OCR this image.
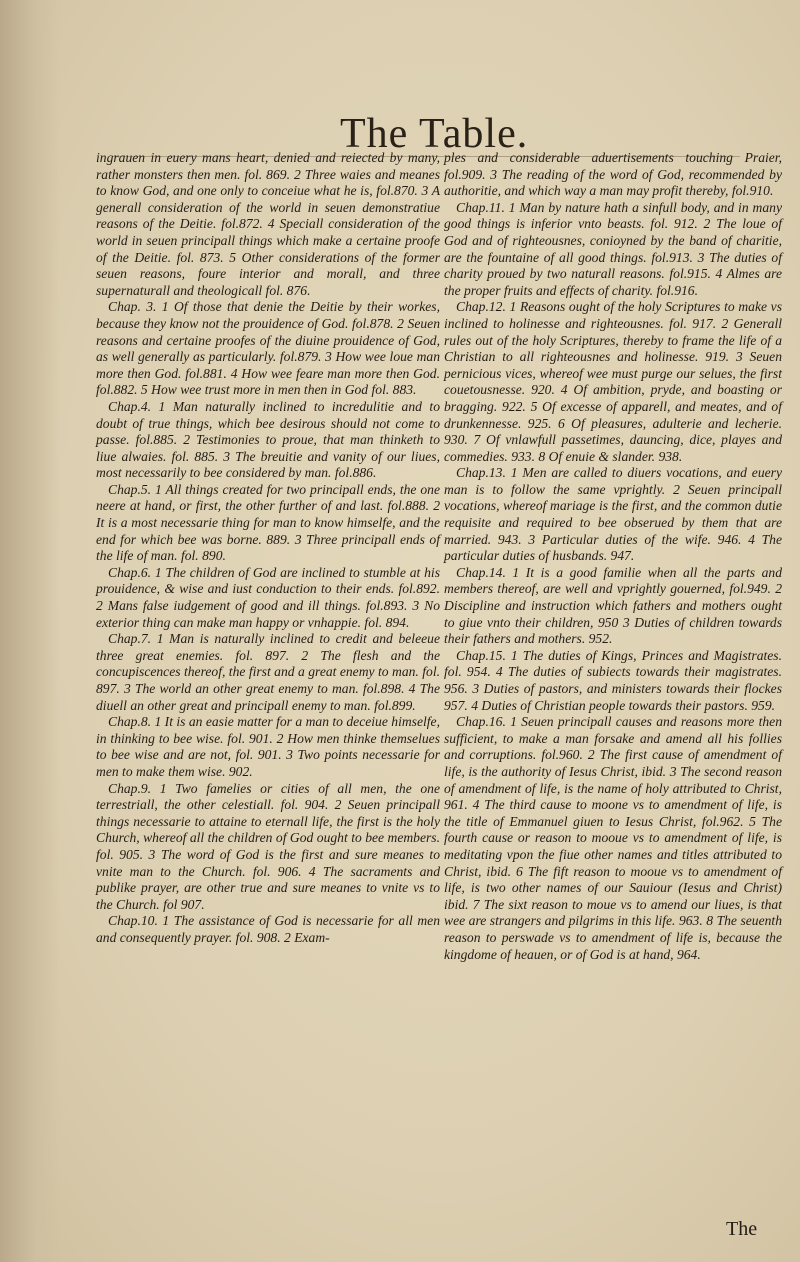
The Table.

ingrauen in euery mans heart, denied and reiected by many, rather monsters then men. fol. 869. 2 Three waies and meanes to know God, and one only to conceiue what he is, fol.870. 3 A generall consideration of the world in seuen demonstratiue reasons of the Deitie. fol.872. 4 Speciall consideration of the world in seuen principall things which make a certaine proofe of the Deitie. fol. 873. 5 Other considerations of the former seuen reasons, foure interior and morall, and three supernaturall and theologicall fol. 876.

Chap. 3. 1 Of those that denie the Deitie by their workes, because they know not the prouidence of God. fol.878. 2 Seuen reasons and certaine proofes of the diuine prouidence of God, as well generally as particularly. fol.879. 3 How wee loue man more then God. fol.881. 4 How wee feare man more then God. fol.882. 5 How wee trust more in men then in God fol. 883.

Chap.4. 1 Man naturally inclined to incredulitie and to doubt of true things, which bee desirous should not come to passe. fol.885. 2 Testimonies to proue, that man thinketh to liue alwaies. fol. 885. 3 The breuitie and vanity of our liues, most necessarily to bee considered by man. fol.886.

Chap.5. 1 All things created for two principall ends, the one neere at hand, or first, the other further of and last. fol.888. 2 It is a most necessarie thing for man to know himselfe, and the end for which bee was borne. 889. 3 Three principall ends of the life of man. fol. 890.

Chap.6. 1 The children of God are inclined to stumble at his prouidence, & wise and iust conduction to their ends. fol.892. 2 Mans false iudgement of good and ill things. fol.893. 3 No exterior thing can make man happy or vnhappie. fol. 894.

Chap.7. 1 Man is naturally inclined to credit and beleeue three great enemies. fol. 897. 2 The flesh and the concupiscences thereof, the first and a great enemy to man. fol. 897. 3 The world an other great enemy to man. fol.898. 4 The diuell an other great and principall enemy to man. fol.899.

Chap.8. 1 It is an easie matter for a man to deceiue himselfe, in thinking to bee wise. fol. 901. 2 How men thinke themselues to bee wise and are not, fol. 901. 3 Two points necessarie for men to make them wise. 902.

Chap.9. 1 Two famelies or cities of all men, the one terrestriall, the other celestiall. fol. 904. 2 Seuen principall things necessarie to attaine to eternall life, the first is the holy Church, whereof all the children of God ought to bee members. fol. 905. 3 The word of God is the first and sure meanes to vnite man to the Church. fol. 906. 4 The sacraments and publike prayer, are other true and sure meanes to vnite vs to the Church. fol 907.

Chap.10. 1 The assistance of God is necessarie for all men and consequently prayer. fol. 908. 2 Exam-

ples and considerable aduertisements touching Praier, fol.909. 3 The reading of the word of God, recommended by authoritie, and which way a man may profit thereby, fol.910.

Chap.11. 1 Man by nature hath a sinfull body, and in many good things is inferior vnto beasts. fol. 912. 2 The loue of God and of righteousnes, conioyned by the band of charitie, are the fountaine of all good things. fol.913. 3 The duties of charity proued by two naturall reasons. fol.915. 4 Almes are the proper fruits and effects of charity. fol.916.

Chap.12. 1 Reasons ought of the holy Scriptures to make vs inclined to holinesse and righteousnes. fol. 917. 2 Generall rules out of the holy Scriptures, thereby to frame the life of a Christian to all righteousnes and holinesse. 919. 3 Seuen pernicious vices, whereof wee must purge our selues, the first couetousnesse. 920. 4 Of ambition, pryde, and boasting or bragging. 922. 5 Of excesse of apparell, and meates, and of drunkennesse. 925. 6 Of pleasures, adulterie and lecherie. 930. 7 Of vnlawfull passetimes, dauncing, dice, playes and commedies. 933. 8 Of enuie & slander. 938.

Chap.13. 1 Men are called to diuers vocations, and euery man is to follow the same vprightly. 2 Seuen principall vocations, whereof mariage is the first, and the common dutie requisite and required to bee obserued by them that are married. 943. 3 Particular duties of the wife. 946. 4 The particular duties of husbands. 947.

Chap.14. 1 It is a good familie when all the parts and members thereof, are well and vprightly gouerned, fol.949. 2 Discipline and instruction which fathers and mothers ought to giue vnto their children, 950 3 Duties of children towards their fathers and mothers. 952.

Chap.15. 1 The duties of Kings, Princes and Magistrates. fol. 954. 4 The duties of subiects towards their magistrates. 956. 3 Duties of pastors, and ministers towards their flockes 957. 4 Duties of Christian people towards their pastors. 959.

Chap.16. 1 Seuen principall causes and reasons more then sufficient, to make a man forsake and amend all his follies and corruptions. fol.960. 2 The first cause of amendment of life, is the authority of Iesus Christ, ibid. 3 The second reason of amendment of life, is the name of holy attributed to Christ, 961. 4 The third cause to moone vs to amendment of life, is the title of Emmanuel giuen to Iesus Christ, fol.962. 5 The fourth cause or reason to mooue vs to amendment of life, is meditating vpon the fiue other names and titles attributed to Christ, ibid. 6 The fift reason to mooue vs to amendment of life, is two other names of our Sauiour (Iesus and Christ) ibid. 7 The sixt reason to moue vs to amend our liues, is that wee are strangers and pilgrims in this life. 963. 8 The seuenth reason to perswade vs to amendment of life is, because the kingdome of heauen, or of God is at hand, 964.

The
